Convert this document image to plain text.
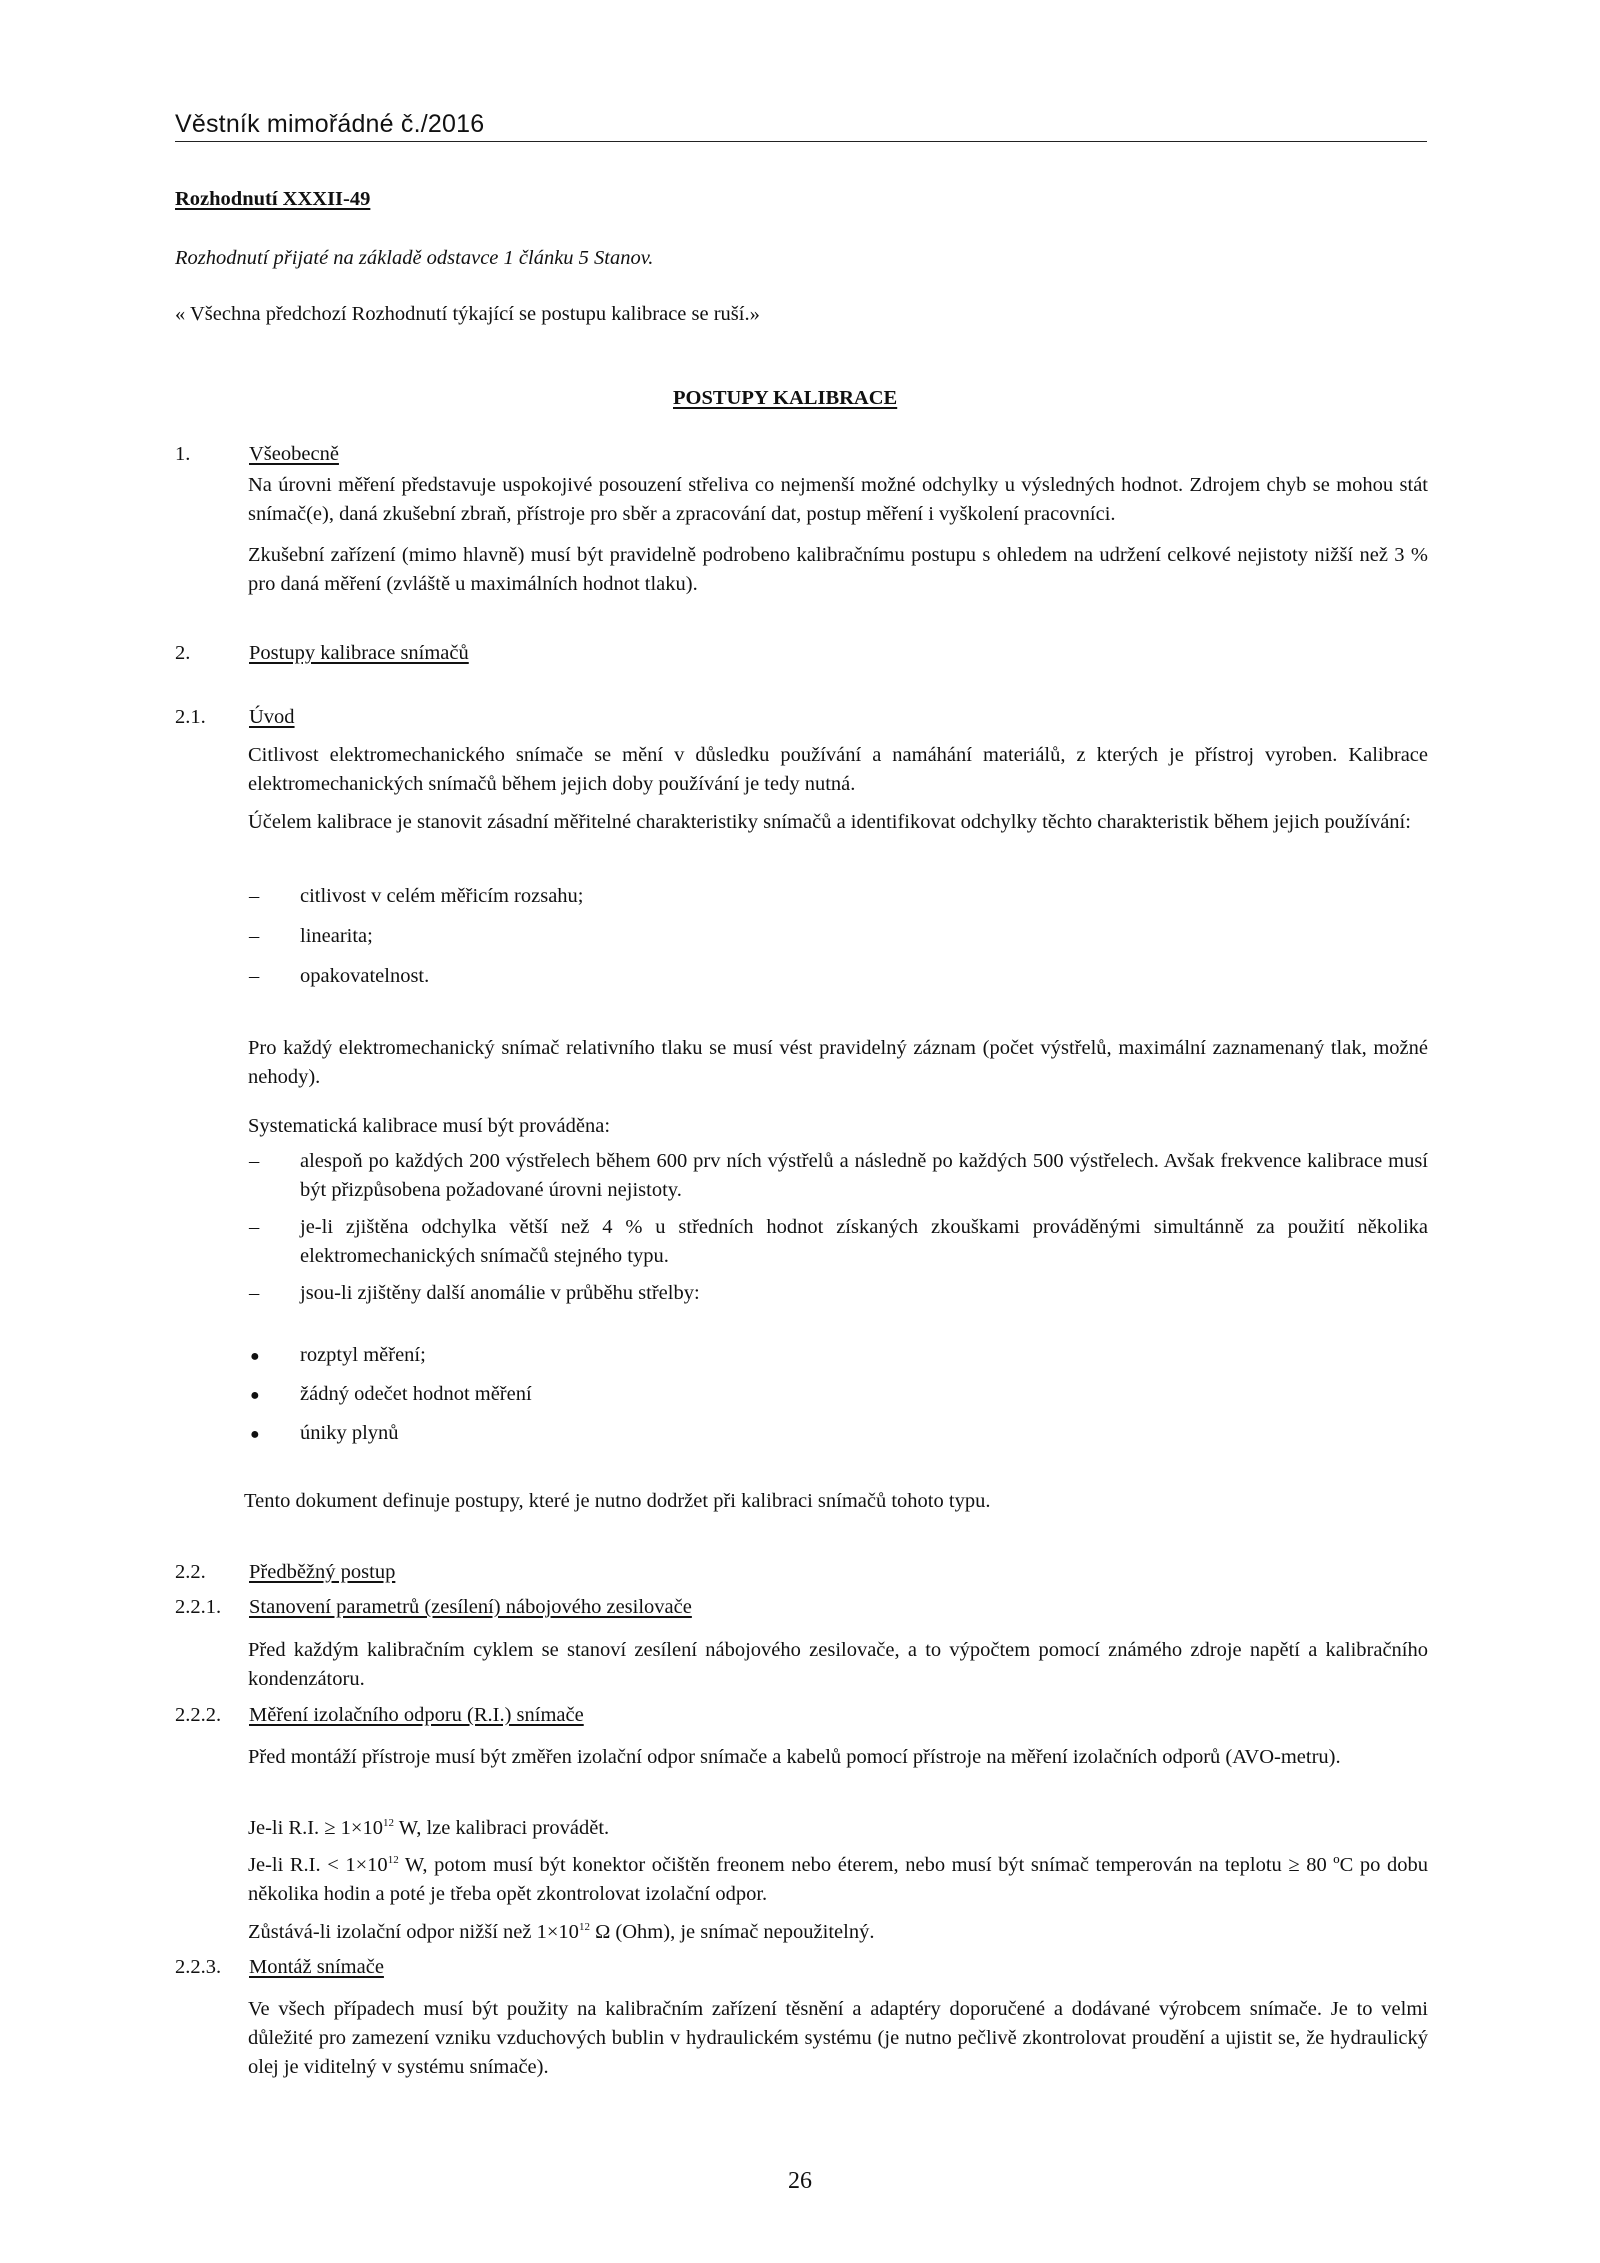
Věstník mimořádné č./2016
Rozhodnutí XXXII-49
Rozhodnutí přijaté na základě odstavce 1 článku 5 Stanov.
« Všechna předchozí Rozhodnutí týkající se postupu kalibrace se ruší.»
POSTUPY KALIBRACE
1.	Všeobecně
Na úrovni měření představuje uspokojivé posouzení střeliva co nejmenší možné odchylky u výsledných hodnot. Zdrojem chyb se mohou stát snímač(e), daná zkušební zbraň, přístroje pro sběr a zpracování dat, postup měření i vyškolení pracovníci.
Zkušební zařízení (mimo hlavně) musí být pravidelně podrobeno kalibračnímu postupu s ohledem na udržení celkové nejistoty nižší než 3 % pro daná měření (zvláště u maximálních hodnot tlaku).
2.	Postupy kalibrace snímačů
2.1. Úvod
Citlivost elektromechanického snímače se mění v důsledku používání a namáhání materiálů, z kterých je přístroj vyroben. Kalibrace elektromechanických snímačů během jejich doby používání je tedy nutná.
Účelem kalibrace je stanovit zásadní měřitelné charakteristiky snímačů a identifikovat odchylky těchto charakteristik během jejich používání:
– citlivost v celém měřicím rozsahu;
– linearita;
– opakovatelnost.
Pro každý elektromechanický snímač relativního tlaku se musí vést pravidelný záznam (počet výstřelů, maximální zaznamenaný tlak, možné nehody).
Systematická kalibrace musí být prováděna:
– alespoň po každých 200 výstřelech během 600 prv ních výstřelů a následně po každých 500 výstřelech. Avšak frekvence kalibrace musí být přizpůsobena požadované úrovni nejistoty.
– je-li zjištěna odchylka větší než 4 % u středních hodnot získaných zkouškami prováděnými simultánně za použití několika elektromechanických snímačů stejného typu.
– jsou-li zjištěny další anomálie v průběhu střelby:
● rozptyl měření;
● žádný odečet hodnot měření
● úniky plynů
Tento dokument definuje postupy, které je nutno dodržet při kalibraci snímačů tohoto typu.
2.2. Předběžný postup
2.2.1. Stanovení parametrů (zesílení) nábojového zesilovače
Před každým kalibračním cyklem se stanoví zesílení nábojového zesilovače, a to výpočtem pomocí známého zdroje napětí a kalibračního kondenzátoru.
2.2.2. Měření izolačního odporu (R.I.) snímače
Před montáží přístroje musí být změřen izolační odpor snímače a kabelů pomocí přístroje na měření izolačních odporů (AVO-metru).
Je-li R.I. ≥ $1\times 10^{12}$ W, lze kalibraci provádět.
Je-li R.I. < $1\times 10^{12}$ W, potom musí být konektor očištěn freonem nebo éterem, nebo musí být snímač temperován na teplotu ≥ 80 ºC po dobu několika hodin a poté je třeba opět zkontrolovat izolační odpor.
Zůstává-li izolační odpor nižší než $1\times 10^{12}$ Ω (Ohm), je snímač nepoužitelný.
2.2.3. Montáž snímače
Ve všech případech musí být použity na kalibračním zařízení těsnění a adaptéry doporučené a dodávané výrobcem snímače. Je to velmi důležité pro zamezení vzniku vzduchových bublin v hydraulickém systému (je nutno pečlivě zkontrolovat proudění a ujistit se, že hydraulický olej je viditelný v systému snímače).
26
